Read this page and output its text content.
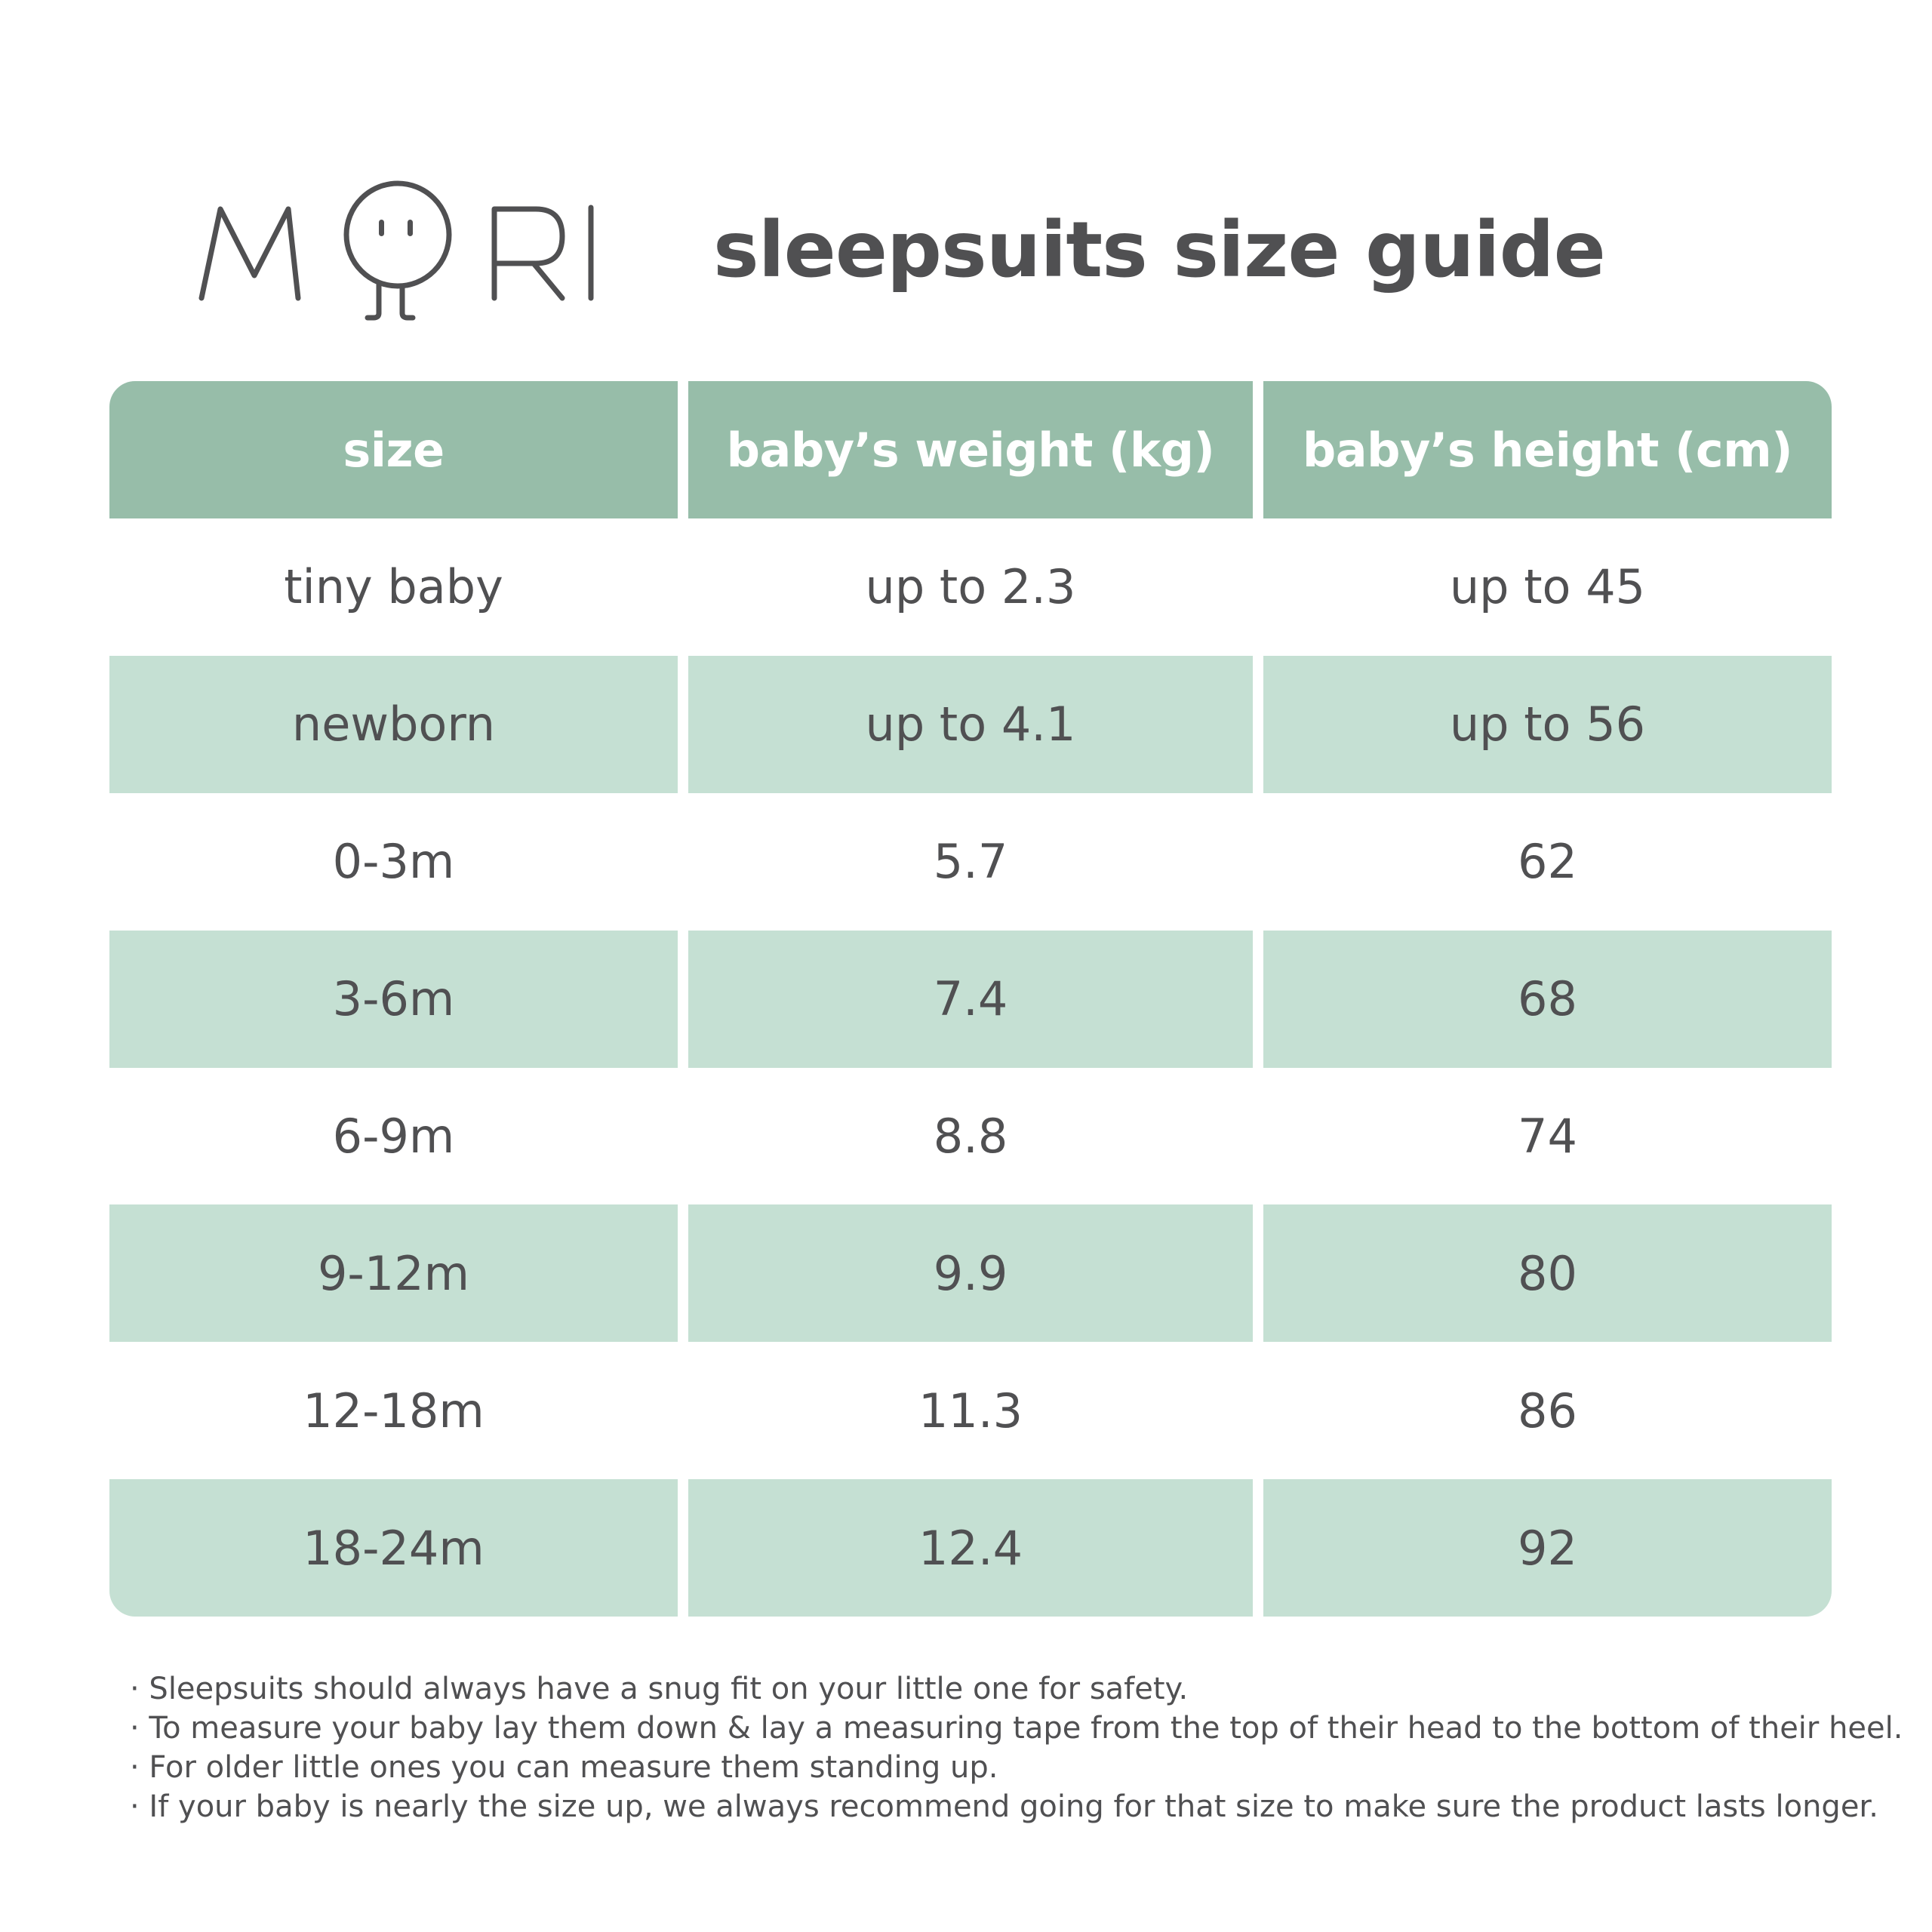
sleepsuits size guide
size	baby’s weight (kg)	baby’s height (cm)
tiny baby	up to 2.3	up to 45
newborn	up to 4.1	up to 56
0-3m	5.7	62
3-6m	7.4	68
6-9m	8.8	74
9-12m	9.9	80
12-18m	11.3	86
18-24m	12.4	92
· Sleepsuits should always have a snug fit on your little one for safety.
· To measure your baby lay them down & lay a measuring tape from the top of their head to the bottom of their heel.
· For older little ones you can measure them standing up.
· If your baby is nearly the size up, we always recommend going for that size to make sure the product lasts longer.
